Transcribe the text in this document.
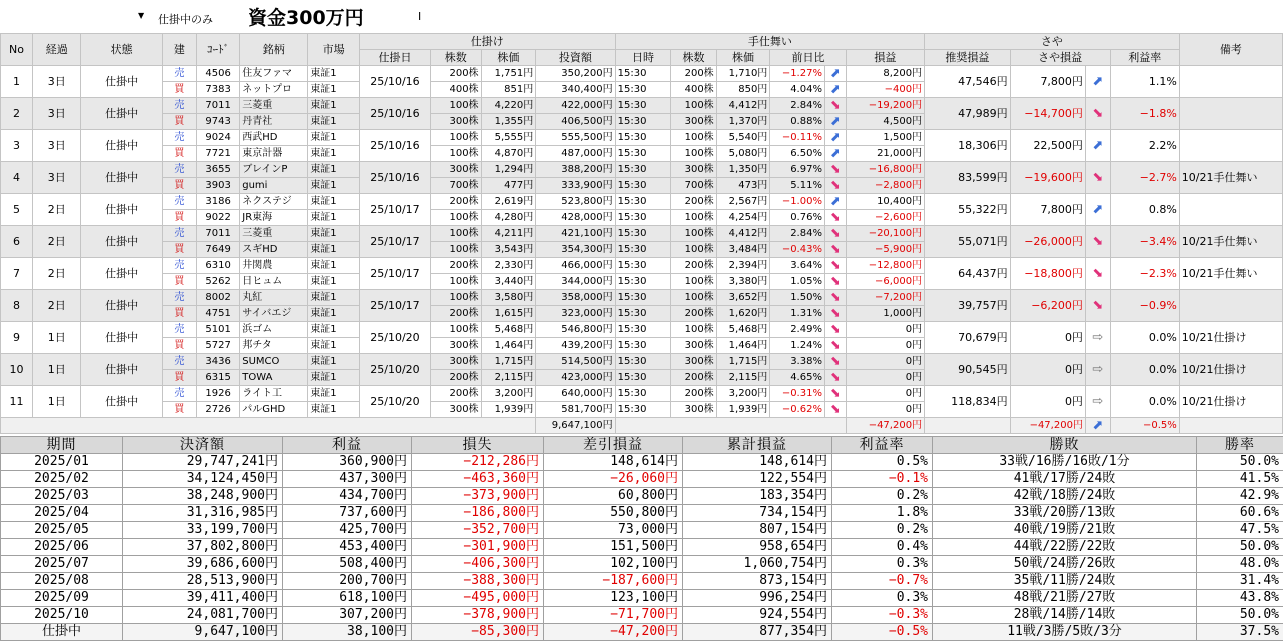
▼ 仕掛中のみ	資金300万円	I
No	経過	状態	建	ｺｰﾄﾞ	銘柄	市場	仕掛け				手仕舞い						さや				備考
							仕掛日	株数	株価	投資額	日時	株数	株価	前日比		損益	推奨損益	さや損益		利益率	
1	3日	仕掛中	売	4506	住友ファマ	東証1	25/10/16	200株	1,751円	350,200円	15:30	200株	1,710円	−1.27%	⬈	8,200円	47,546円	7,800円	⬈	1.1%	
			買	7383	ネットプロ	東証1		400株	851円	340,400円	15:30	400株	850円	4.04%	⬈	−400円					
2	3日	仕掛中	売	7011	三菱重	東証1	25/10/16	100株	4,220円	422,000円	15:30	100株	4,412円	2.84%	⬊	−19,200円	47,989円	−14,700円	⬊	−1.8%	
			買	9743	丹青社	東証1		300株	1,355円	406,500円	15:30	300株	1,370円	0.88%	⬈	4,500円					
3	3日	仕掛中	売	9024	西武HD	東証1	25/10/16	100株	5,555円	555,500円	15:30	100株	5,540円	−0.11%	⬈	1,500円	18,306円	22,500円	⬈	2.2%	
			買	7721	東京計器	東証1		100株	4,870円	487,000円	15:30	100株	5,080円	6.50%	⬈	21,000円					
4	3日	仕掛中	売	3655	ブレインP	東証1	25/10/16	300株	1,294円	388,200円	15:30	300株	1,350円	6.97%	⬊	−16,800円	83,599円	−19,600円	⬊	−2.7%	10/21手仕舞い
			買	3903	gumi	東証1		700株	477円	333,900円	15:30	700株	473円	5.11%	⬊	−2,800円					
5	2日	仕掛中	売	3186	ネクステジ	東証1	25/10/17	200株	2,619円	523,800円	15:30	200株	2,567円	−1.00%	⬈	10,400円	55,322円	7,800円	⬈	0.8%	
			買	9022	JR東海	東証1		100株	4,280円	428,000円	15:30	100株	4,254円	0.76%	⬊	−2,600円					
6	2日	仕掛中	売	7011	三菱重	東証1	25/10/17	100株	4,211円	421,100円	15:30	100株	4,412円	2.84%	⬊	−20,100円	55,071円	−26,000円	⬊	−3.4%	10/21手仕舞い
			買	7649	スギHD	東証1		100株	3,543円	354,300円	15:30	100株	3,484円	−0.43%	⬊	−5,900円					
7	2日	仕掛中	売	6310	井関農	東証1	25/10/17	200株	2,330円	466,000円	15:30	200株	2,394円	3.64%	⬊	−12,800円	64,437円	−18,800円	⬊	−2.3%	10/21手仕舞い
			買	5262	日ヒュム	東証1		100株	3,440円	344,000円	15:30	100株	3,380円	1.05%	⬊	−6,000円					
8	2日	仕掛中	売	8002	丸紅	東証1	25/10/17	100株	3,580円	358,000円	15:30	100株	3,652円	1.50%	⬊	−7,200円	39,757円	−6,200円	⬊	−0.9%	
			買	4751	サイバエジ	東証1		200株	1,615円	323,000円	15:30	200株	1,620円	1.31%	⬊	1,000円					
9	1日	仕掛中	売	5101	浜ゴム	東証1	25/10/20	100株	5,468円	546,800円	15:30	100株	5,468円	2.49%	⬊	0円	70,679円	0円	⇨	0.0%	10/21仕掛け
			買	5727	邦チタ	東証1		300株	1,464円	439,200円	15:30	300株	1,464円	1.24%	⬊	0円					
10	1日	仕掛中	売	3436	SUMCO	東証1	25/10/20	300株	1,715円	514,500円	15:30	300株	1,715円	3.38%	⬊	0円	90,545円	0円	⇨	0.0%	10/21仕掛け
			買	6315	TOWA	東証1		200株	2,115円	423,000円	15:30	200株	2,115円	4.65%	⬊	0円					
11	1日	仕掛中	売	1926	ライト工	東証1	25/10/20	200株	3,200円	640,000円	15:30	200株	3,200円	−0.31%	⬊	0円	118,834円	0円	⇨	0.0%	10/21仕掛け
			買	2726	パルGHD	東証1		300株	1,939円	581,700円	15:30	300株	1,939円	−0.62%	⬊	0円					
										9,647,100円						−47,200円		−47,200円	⬈	−0.5%	
期間	決済額	利益	損失	差引損益	累計損益	利益率	勝敗	勝率
2025/01	29,747,241円	360,900円	−212,286円	148,614円	148,614円	0.5%	33戦/16勝/16敗/1分	50.0%
2025/02	34,124,450円	437,300円	−463,360円	−26,060円	122,554円	−0.1%	41戦/17勝/24敗	41.5%
2025/03	38,248,900円	434,700円	−373,900円	60,800円	183,354円	0.2%	42戦/18勝/24敗	42.9%
2025/04	31,316,985円	737,600円	−186,800円	550,800円	734,154円	1.8%	33戦/20勝/13敗	60.6%
2025/05	33,199,700円	425,700円	−352,700円	73,000円	807,154円	0.2%	40戦/19勝/21敗	47.5%
2025/06	37,802,800円	453,400円	−301,900円	151,500円	958,654円	0.4%	44戦/22勝/22敗	50.0%
2025/07	39,686,600円	508,400円	−406,300円	102,100円	1,060,754円	0.3%	50戦/24勝/26敗	48.0%
2025/08	28,513,900円	200,700円	−388,300円	−187,600円	873,154円	−0.7%	35戦/11勝/24敗	31.4%
2025/09	39,411,400円	618,100円	−495,000円	123,100円	996,254円	0.3%	48戦/21勝/27敗	43.8%
2025/10	24,081,700円	307,200円	−378,900円	−71,700円	924,554円	−0.3%	28戦/14勝/14敗	50.0%
仕掛中	9,647,100円	38,100円	−85,300円	−47,200円	877,354円	−0.5%	11戦/3勝/5敗/3分	37.5%
